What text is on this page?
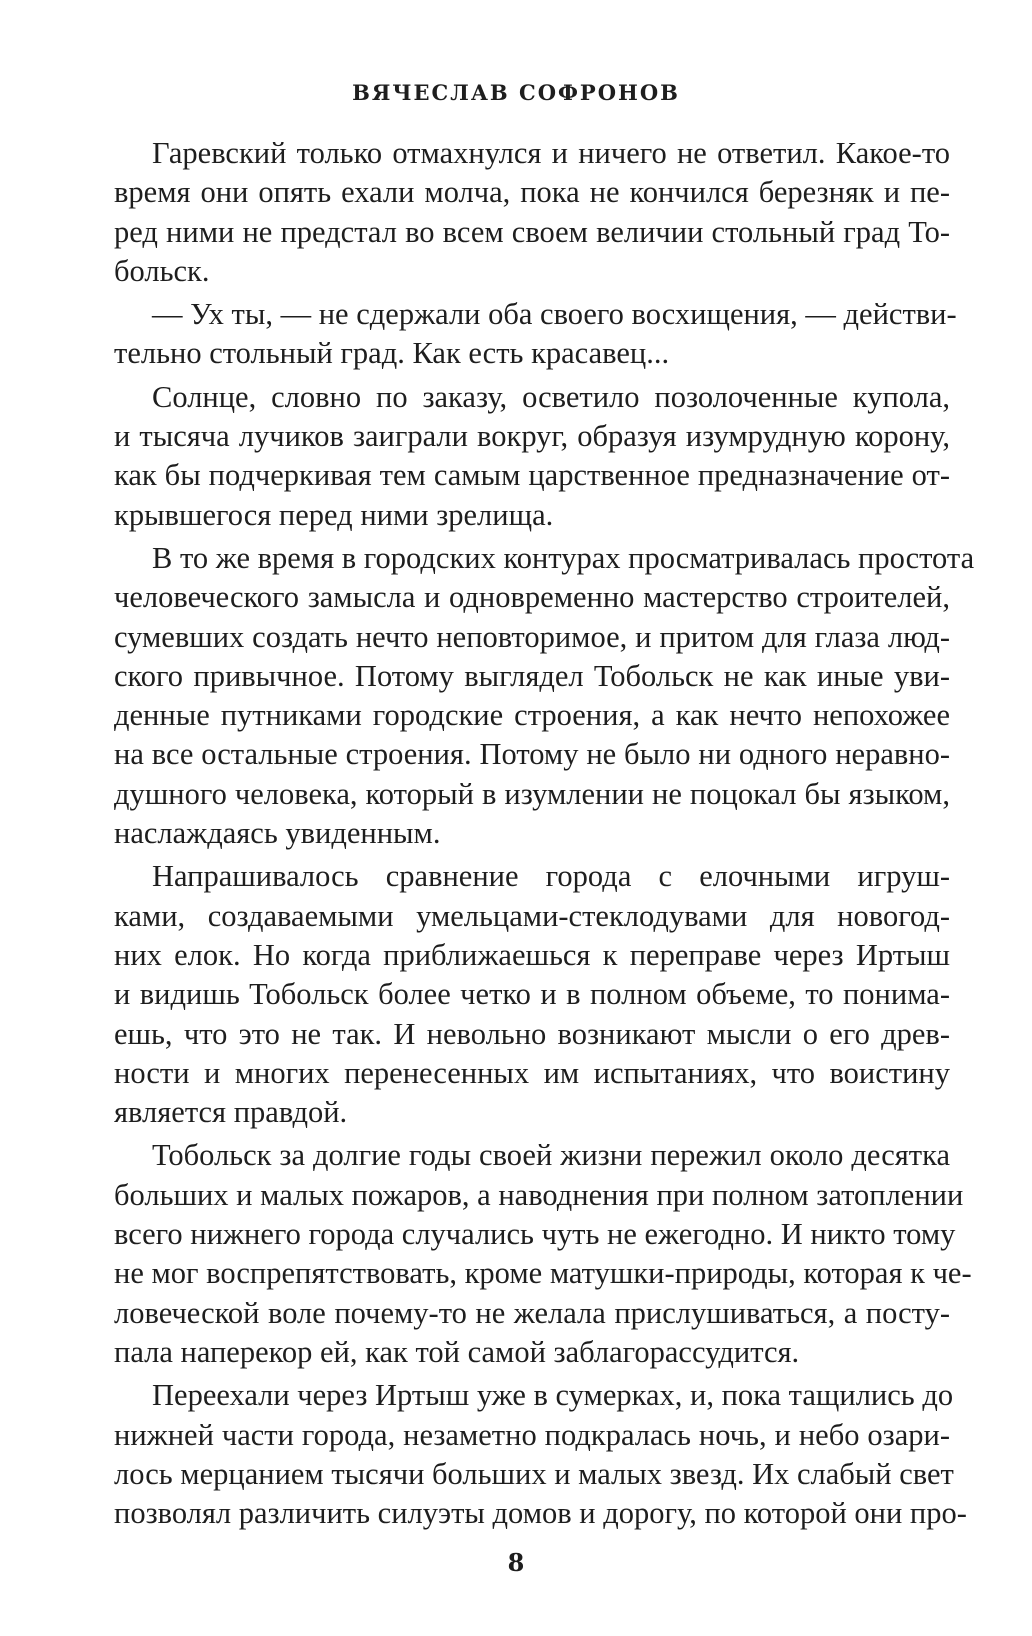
ВЯЧЕСЛАВ СОФРОНОВ
Гаревский только отмахнулся и ничего не ответил. Какое-то
время они опять ехали молча, пока не кончился березняк и пе-
ред ними не предстал во всем своем величии стольный град То-
больск.
— Ух ты, — не сдержали оба своего восхищения, — действи-
тельно стольный град. Как есть красавец...
Солнце, словно по заказу, осветило позолоченные купола,
и тысяча лучиков заиграли вокруг, образуя изумрудную корону,
как бы подчеркивая тем самым царственное предназначение от-
крывшегося перед ними зрелища.
В то же время в городских контурах просматривалась простота
человеческого замысла и одновременно мастерство строителей,
сумевших создать нечто неповторимое, и притом для глаза люд-
ского привычное. Потому выглядел Тобольск не как иные уви-
денные путниками городские строения, а как нечто непохожее
на все остальные строения. Потому не было ни одного неравно-
душного человека, который в изумлении не поцокал бы языком,
наслаждаясь увиденным.
Напрашивалось сравнение города с елочными игруш-
ками, создаваемыми умельцами-стеклодувами для новогод-
них елок. Но когда приближаешься к переправе через Иртыш
и видишь Тобольск более четко и в полном объеме, то понима-
ешь, что это не так. И невольно возникают мысли о его древ-
ности и многих перенесенных им испытаниях, что воистину
является правдой.
Тобольск за долгие годы своей жизни пережил около десятка
больших и малых пожаров, а наводнения при полном затоплении
всего нижнего города случались чуть не ежегодно. И никто тому
не мог воспрепятствовать, кроме матушки-природы, которая к че-
ловеческой воле почему-то не желала прислушиваться, а посту-
пала наперекор ей, как той самой заблагорассудится.
Переехали через Иртыш уже в сумерках, и, пока тащились до
нижней части города, незаметно подкралась ночь, и небо озари-
лось мерцанием тысячи больших и малых звезд. Их слабый свет
позволял различить силуэты домов и дорогу, по которой они про-
8
